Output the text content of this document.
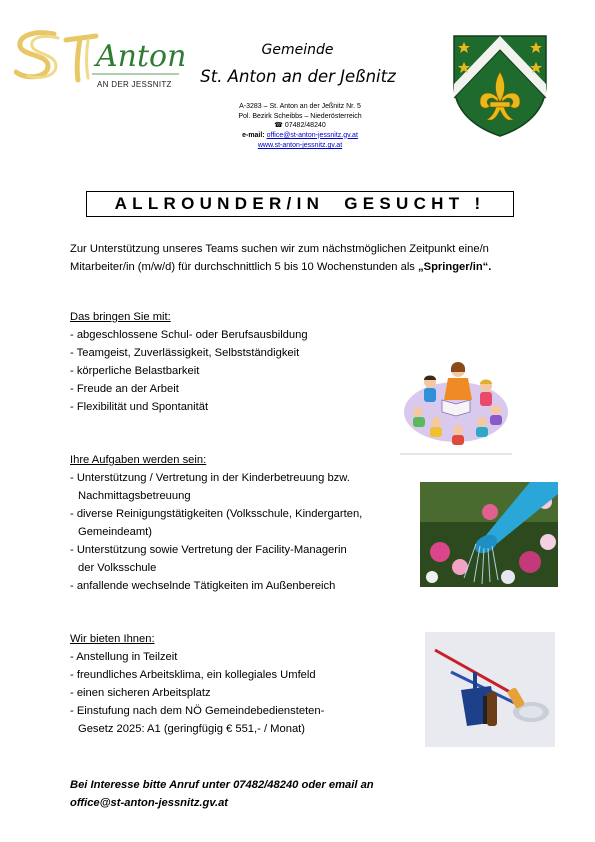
Anton
AN DER JESSNITZ
Gemeinde
St. Anton an der Jeßnitz
A-3283 – St. Anton an der Jeßnitz Nr. 5
Pol. Bezirk Scheibbs – Niederösterreich
☎ 07482/48240
e-mail: office@st-anton-jessnitz.gv.at
www.st-anton-jessnitz.gv.at
ALLROUNDER/IN  GESUCHT !
Zur Unterstützung unseres Teams suchen wir zum nächstmöglichen Zeitpunkt eine/n
Mitarbeiter/in (m/w/d) für durchschnittlich 5 bis 10 Wochenstunden als „Springer/in“.
Das bringen Sie mit:
- abgeschlossene Schul- oder Berufsausbildung
- Teamgeist, Zuverlässigkeit, Selbstständigkeit
- körperliche Belastbarkeit
- Freude an der Arbeit
- Flexibilität und Spontanität
Ihre Aufgaben werden sein:
- Unterstützung / Vertretung in der Kinderbetreuung bzw.
Nachmittagsbetreuung
- diverse Reinigungstätigkeiten (Volksschule, Kindergarten,
Gemeindeamt)
- Unterstützung sowie Vertretung der Facility-Managerin
der Volksschule
- anfallende wechselnde Tätigkeiten im Außenbereich
Wir bieten Ihnen:
- Anstellung in Teilzeit
- freundliches Arbeitsklima, ein kollegiales Umfeld
- einen sicheren Arbeitsplatz
- Einstufung nach dem NÖ Gemeindebediensteten-
Gesetz 2025: A1 (geringfügig € 551,- / Monat)
Bei Interesse bitte Anruf unter 07482/48240 oder email an
office@st-anton-jessnitz.gv.at
